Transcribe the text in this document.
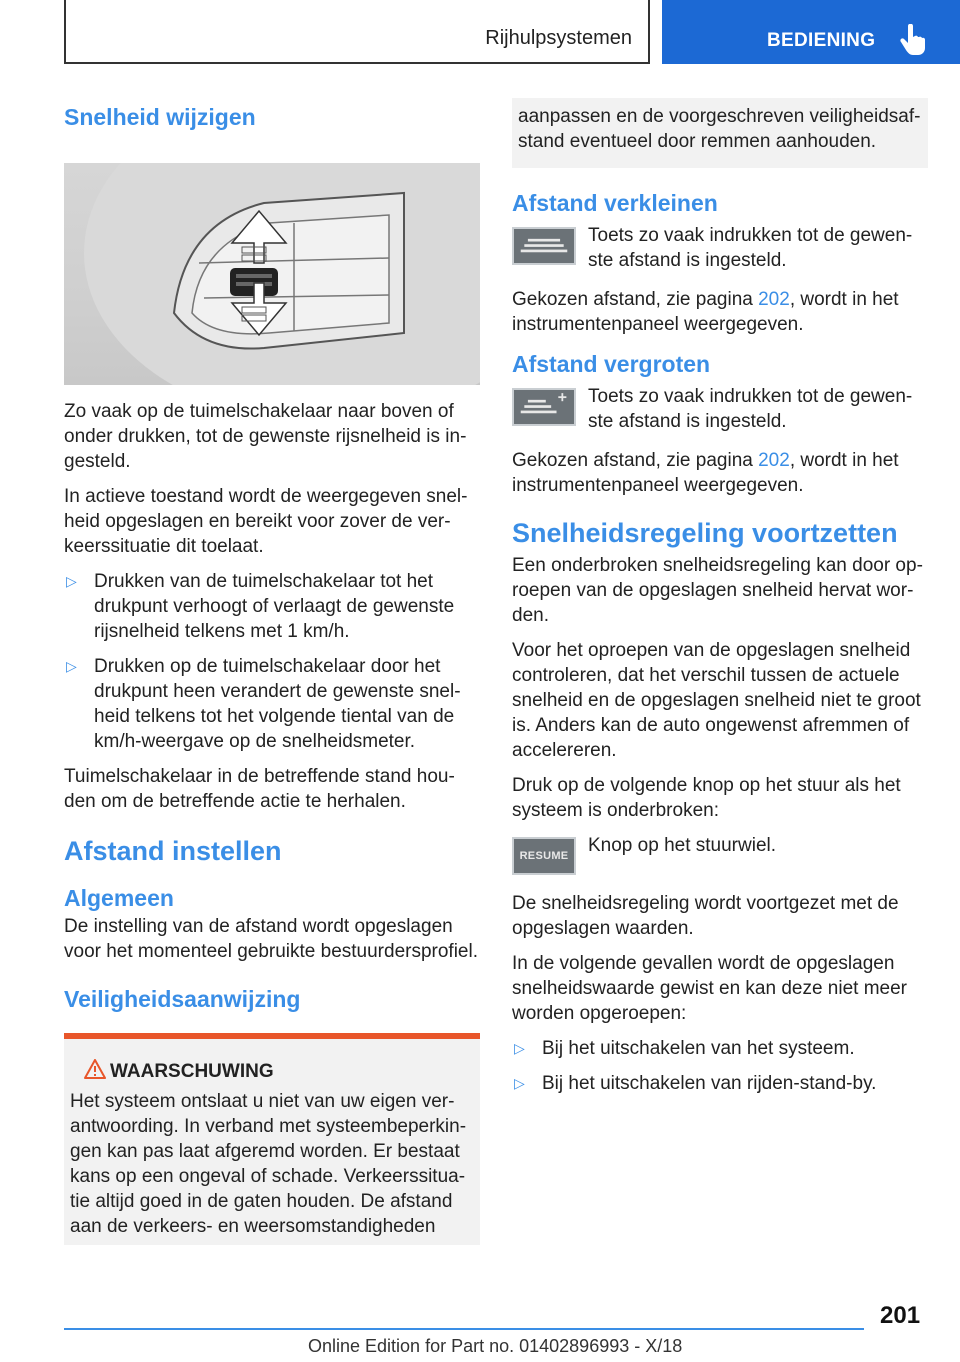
Rijhulpsystemen	BEDIENING
Snelheid wijzigen
Zo vaak op de tuimelschakelaar naar boven of onder drukken, tot de gewenste rijsnelheid is ingesteld.
In actieve toestand wordt de weergegeven snelheid opgeslagen en bereikt voor zover de verkeerssituatie dit toelaat.
▷ Drukken van de tuimelschakelaar tot het drukpunt verhoogt of verlaagt de gewenste rijsnelheid telkens met 1 km/h.
▷ Drukken op de tuimelschakelaar door het drukpunt heen verandert de gewenste snelheid telkens tot het volgende tiental van de km/h-weergave op de snelheidsmeter.
Tuimelschakelaar in de betreffende stand houden om de betreffende actie te herhalen.
Afstand instellen
Algemeen
De instelling van de afstand wordt opgeslagen voor het momenteel gebruikte bestuurdersprofiel.
Veiligheidsaanwijzing
WAARSCHUWING
Het systeem ontslaat u niet van uw eigen verantwoording. In verband met systeembeperkingen kan pas laat afgeremd worden. Er bestaat kans op een ongeval of schade. Verkeerssituatie altijd goed in de gaten houden. De afstand aan de verkeers- en weersomstandigheden
aanpassen en de voorgeschreven veiligheidsafstand eventueel door remmen aanhouden.
Afstand verkleinen
Toets zo vaak indrukken tot de gewenste afstand is ingesteld.
Gekozen afstand, zie pagina 202, wordt in het instrumentenpaneel weergegeven.
Afstand vergroten
Toets zo vaak indrukken tot de gewenste afstand is ingesteld.
Gekozen afstand, zie pagina 202, wordt in het instrumentenpaneel weergegeven.
Snelheidsregeling voortzetten
Een onderbroken snelheidsregeling kan door oproepen van de opgeslagen snelheid hervat worden.
Voor het oproepen van de opgeslagen snelheid controleren, dat het verschil tussen de actuele snelheid en de opgeslagen snelheid niet te groot is. Anders kan de auto ongewenst afremmen of accelereren.
Druk op de volgende knop op het stuur als het systeem is onderbroken:
RESUME Knop op het stuurwiel.
De snelheidsregeling wordt voortgezet met de opgeslagen waarden.
In de volgende gevallen wordt de opgeslagen snelheidswaarde gewist en kan deze niet meer worden opgeroepen:
▷ Bij het uitschakelen van het systeem.
▷ Bij het uitschakelen van rijden-stand-by.
201
Online Edition for Part no. 01402896993 - X/18
